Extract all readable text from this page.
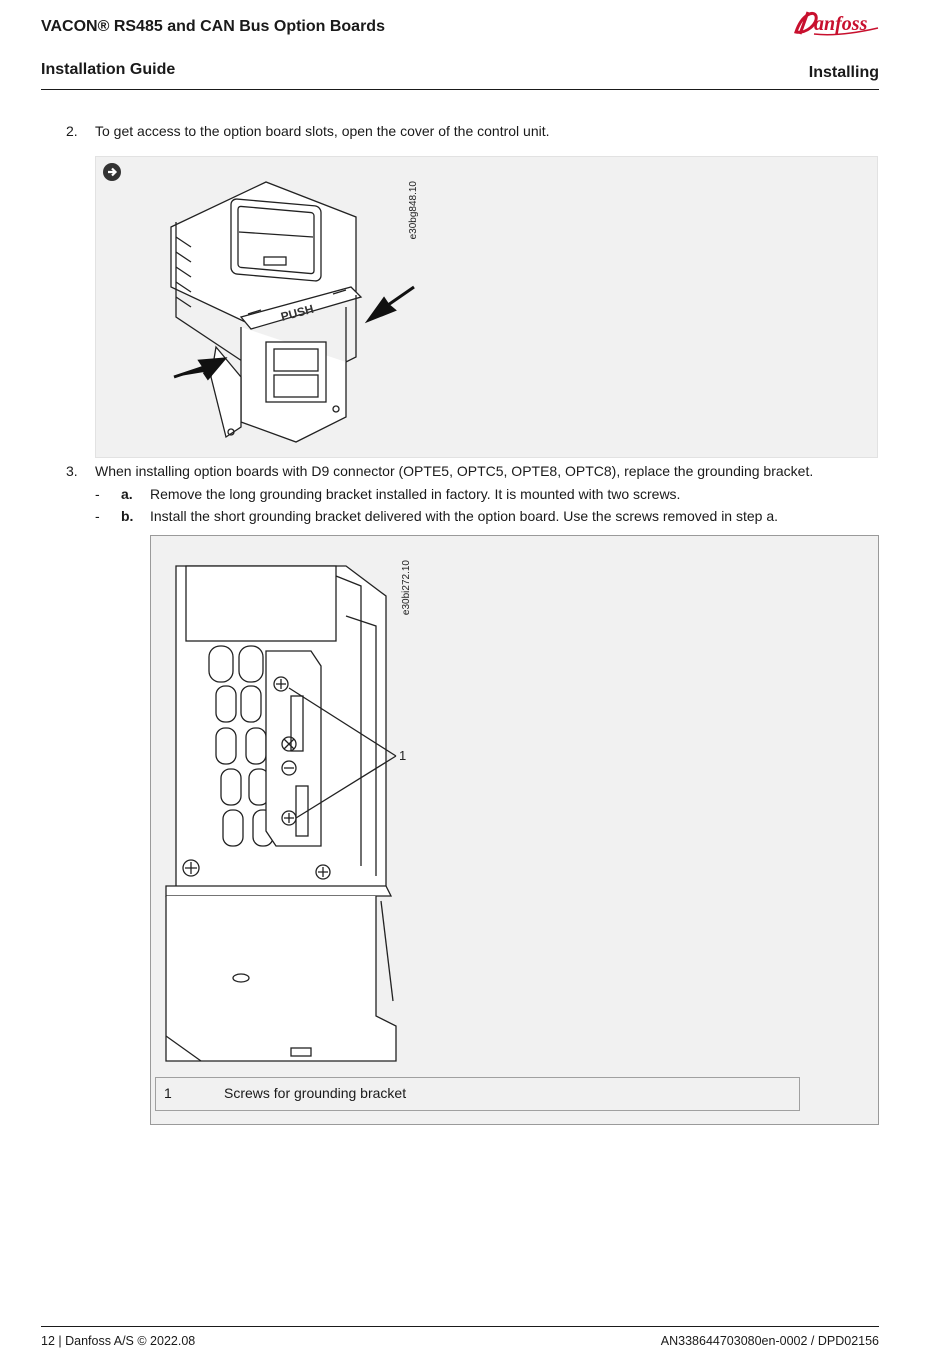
VACON® RS485 and CAN Bus Option Boards
Installation Guide	Installing
anfoss
2. To get access to the option board slots, open the cover of the control unit.
e30bg848.10
PUSH
3. When installing option boards with D9 connector (OPTE5, OPTC5, OPTE8, OPTC8), replace the grounding bracket.
- a. Remove the long grounding bracket installed in factory. It is mounted with two screws.
- b. Install the short grounding bracket delivered with the option board. Use the screws removed in step a.
e30bi272.10
1
1	Screws for grounding bracket
12 | Danfoss A/S © 2022.08	AN338644703080en-0002 / DPD02156
